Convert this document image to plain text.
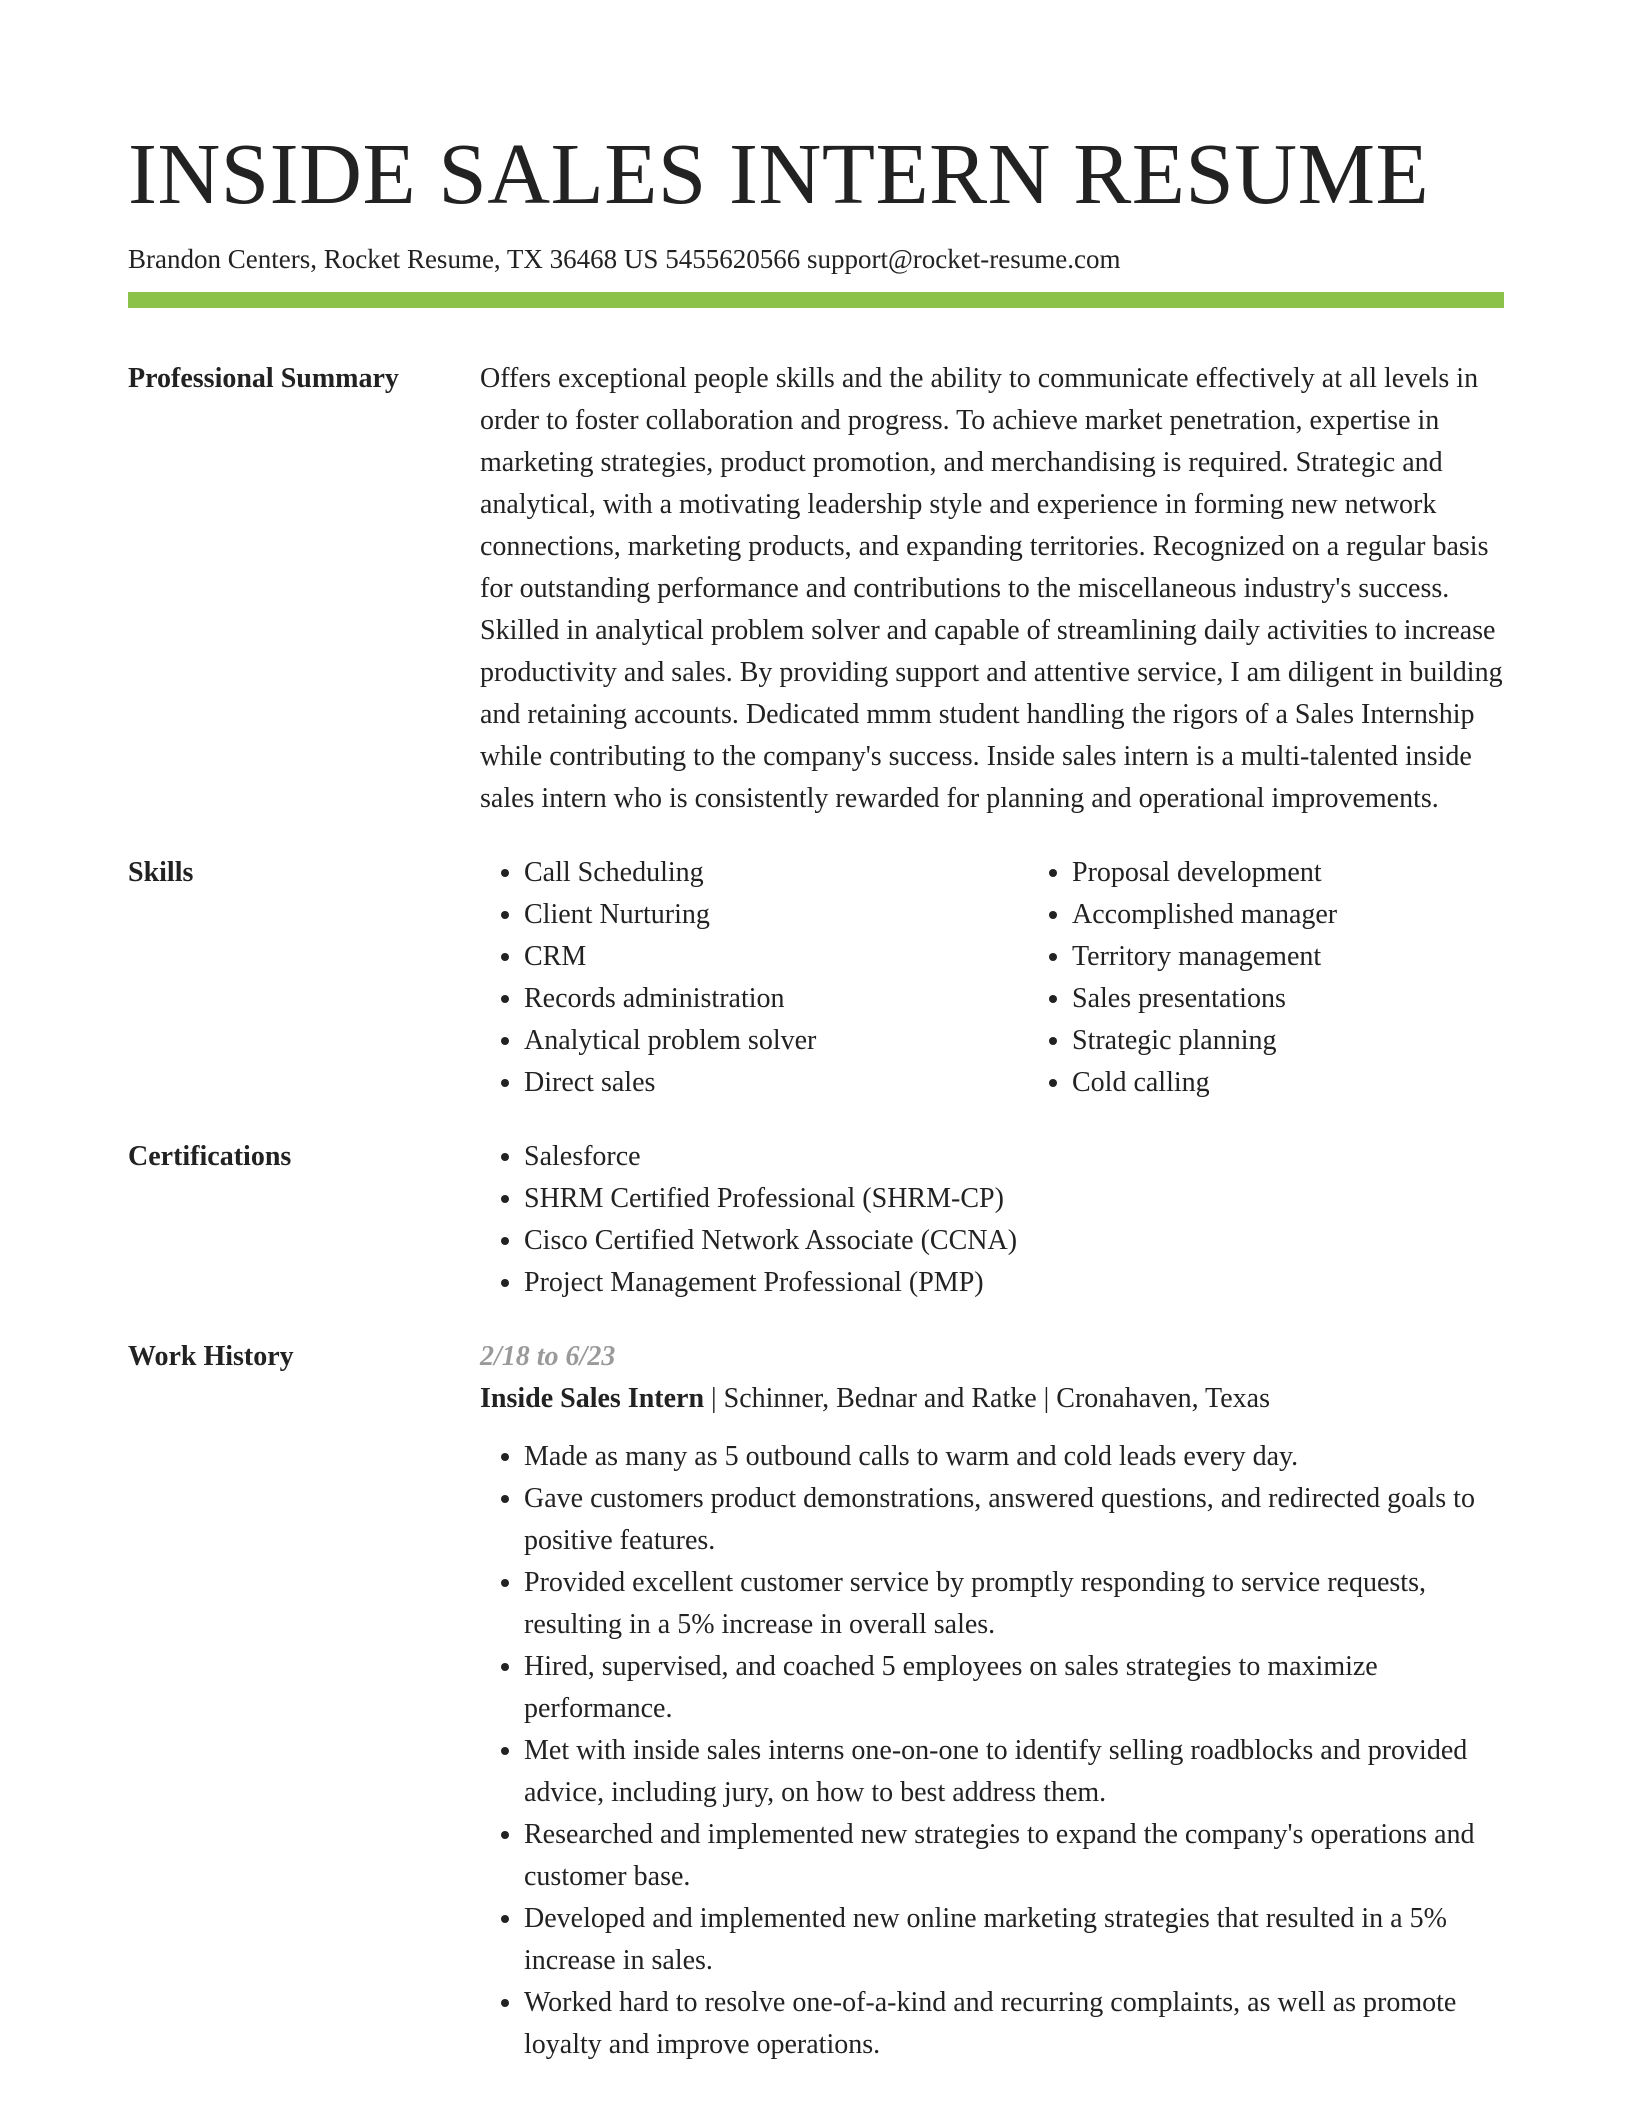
INSIDE SALES INTERN RESUME
Brandon Centers, Rocket Resume, TX 36468 US 5455620566 support@rocket-resume.com
Professional Summary	Offers exceptional people skills and the ability to communicate effectively at all levels in order to foster collaboration and progress. To achieve market penetration, expertise in marketing strategies, product promotion, and merchandising is required. Strategic and analytical, with a motivating leadership style and experience in forming new network connections, marketing products, and expanding territories. Recognized on a regular basis for outstanding performance and contributions to the miscellaneous industry's success. Skilled in analytical problem solver and capable of streamlining daily activities to increase productivity and sales. By providing support and attentive service, I am diligent in building and retaining accounts. Dedicated mmm student handling the rigors of a Sales Internship while contributing to the company's success. Inside sales intern is a multi-talented inside sales intern who is consistently rewarded for planning and operational improvements.
Skills	• Call Scheduling
• Client Nurturing
• CRM
• Records administration
• Analytical problem solver
• Direct sales
• Proposal development
• Accomplished manager
• Territory management
• Sales presentations
• Strategic planning
• Cold calling
Certifications	• Salesforce
• SHRM Certified Professional (SHRM-CP)
• Cisco Certified Network Associate (CCNA)
• Project Management Professional (PMP)
Work History	2/18 to 6/23
Inside Sales Intern | Schinner, Bednar and Ratke | Cronahaven, Texas
• Made as many as 5 outbound calls to warm and cold leads every day.
• Gave customers product demonstrations, answered questions, and redirected goals to positive features.
• Provided excellent customer service by promptly responding to service requests, resulting in a 5% increase in overall sales.
• Hired, supervised, and coached 5 employees on sales strategies to maximize performance.
• Met with inside sales interns one-on-one to identify selling roadblocks and provided advice, including jury, on how to best address them.
• Researched and implemented new strategies to expand the company's operations and customer base.
• Developed and implemented new online marketing strategies that resulted in a 5% increase in sales.
• Worked hard to resolve one-of-a-kind and recurring complaints, as well as promote loyalty and improve operations.
